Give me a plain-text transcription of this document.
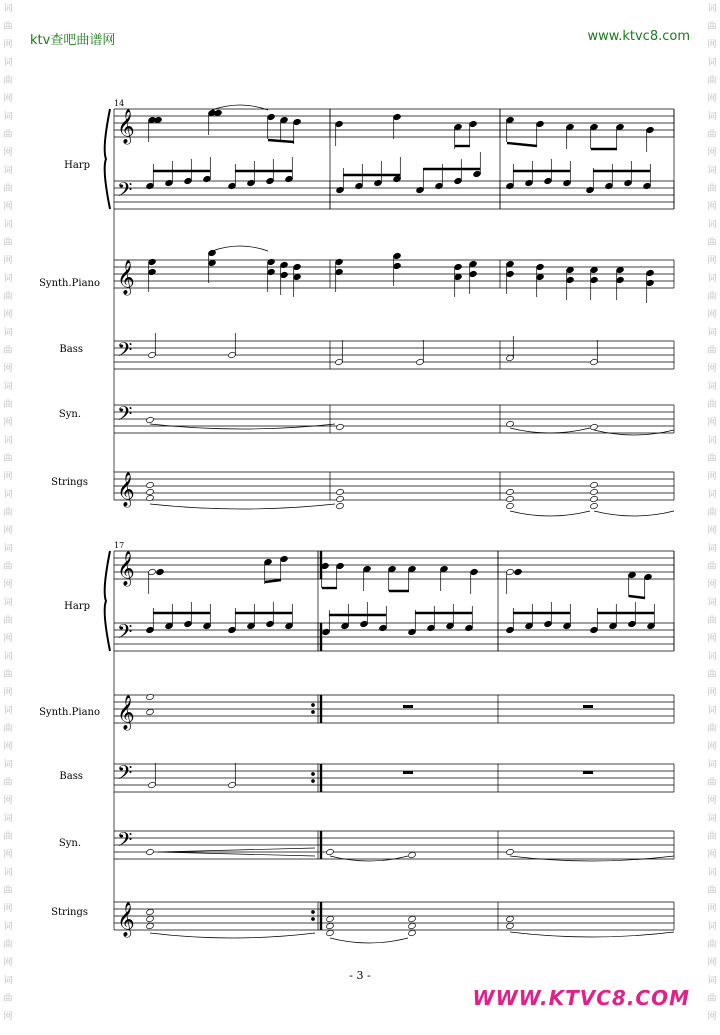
词
曲
网
词
曲
网
词
曲
网
词
曲
网
词
曲
网
词
曲
网
词
曲
网
词
曲
网
词
曲
网
词
曲
网
词
曲
网
词
曲
网
词
曲
网
词
曲
网
词
曲
网
词
曲
网
词
曲
网
词
曲
网
词
曲
网
词
曲
网
词
曲
网
词
曲
网
词
曲
网
词
曲
网
词
曲
网
词
曲
网
词
曲
网
词
曲
网
词
曲
网
词
曲
网
词
曲
网
词
曲
网
词
曲
网
词
曲
网
词
曲
网
词
曲
网
词
曲
网
词
曲
网
ktv查吧曲谱网	www.ktvc8.com
14
Harp
Synth.Piano
Bass
Syn.
Strings
17
Harp
Synth.Piano
Bass
Syn.
Strings
𝄞
𝄢
𝄞
𝄢
𝄢
𝄞
𝄞
𝄢
𝄞
𝄢
𝄢
𝄞
- 3 -
WWW.KTVC8.COM
